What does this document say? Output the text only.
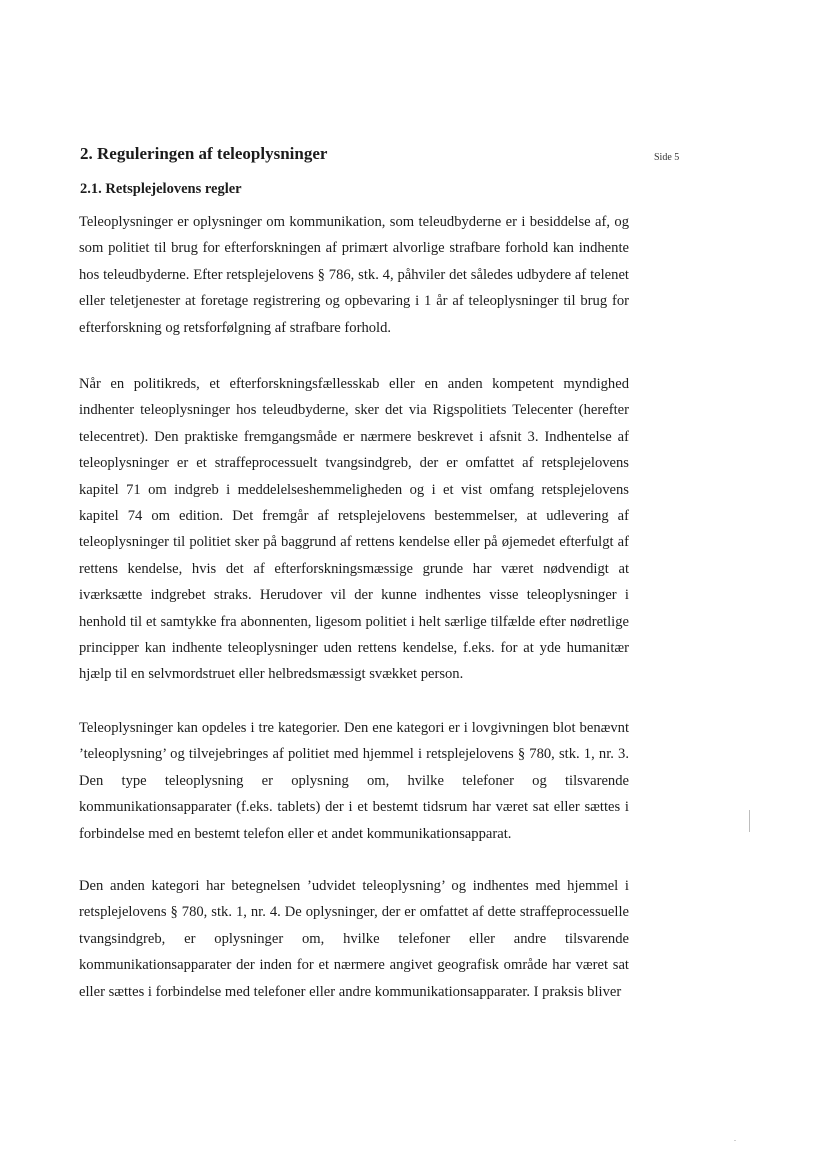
Side 5
2. Reguleringen af teleoplysninger
2.1. Retsplejelovens regler

Teleoplysninger er oplysninger om kommunikation, som teleudbyderne er i besiddelse af, og som politiet til brug for efterforskningen af primært alvorlige strafbare forhold kan indhente hos teleudbyderne. Efter retsplejelovens § 786, stk. 4, påhviler det således udbydere af telenet eller teletjenester at foretage registrering og opbevaring i 1 år af teleoplysninger til brug for efterforskning og retsforfølgning af strafbare forhold.

Når en politikreds, et efterforskningsfællesskab eller en anden kompetent myndighed indhenter teleoplysninger hos teleudbyderne, sker det via Rigspolitiets Telecenter (herefter telecentret). Den praktiske fremgangsmåde er nærmere beskrevet i afsnit 3. Indhentelse af teleoplysninger er et straffeprocessuelt tvangsindgreb, der er omfattet af retsplejelovens kapitel 71 om indgreb i meddelelseshemmeligheden og i et vist omfang retsplejelovens kapitel 74 om edition. Det fremgår af retsplejelovens bestemmelser, at udlevering af teleoplysninger til politiet sker på baggrund af rettens kendelse eller på øjemedet efterfulgt af rettens kendelse, hvis det af efterforskningsmæssige grunde har været nødvendigt at iværksætte indgrebet straks. Herudover vil der kunne indhentes visse teleoplysninger i henhold til et samtykke fra abonnenten, ligesom politiet i helt særlige tilfælde efter nødretlige principper kan indhente teleoplysninger uden rettens kendelse, f.eks. for at yde humanitær hjælp til en selvmordstruet eller helbredsmæssigt svækket person.

Teleoplysninger kan opdeles i tre kategorier. Den ene kategori er i lovgivningen blot benævnt ’teleoplysning’ og tilvejebringes af politiet med hjemmel i retsplejelovens § 780, stk. 1, nr. 3. Den type teleoplysning er oplysning om, hvilke telefoner og tilsvarende kommunikationsapparater (f.eks. tablets) der i et bestemt tidsrum har været sat eller sættes i forbindelse med en bestemt telefon eller et andet kommunikationsapparat.

Den anden kategori har betegnelsen ’udvidet teleoplysning’ og indhentes med hjemmel i retsplejelovens § 780, stk. 1, nr. 4. De oplysninger, der er omfattet af dette straffeprocessuelle tvangsindgreb, er oplysninger om, hvilke telefoner eller andre tilsvarende kommunikationsapparater der inden for et nærmere angivet geografisk område har været sat eller sættes i forbindelse med telefoner eller andre kommunikationsapparater. I praksis bliver
